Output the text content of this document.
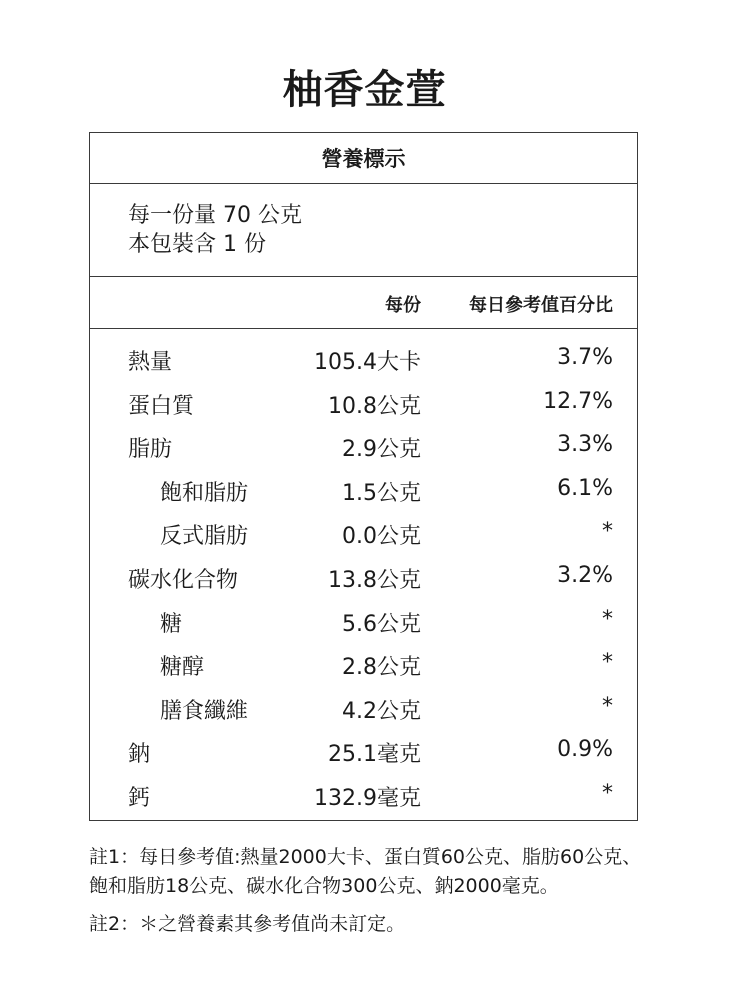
柚香金萱
營養標示
每一份量 70 公克
本包裝含 1 份
每份	每日參考值百分比
熱量	105.4大卡	3.7%
蛋白質	10.8公克	12.7%
脂肪	2.9公克	3.3%
飽和脂肪	1.5公克	6.1%
反式脂肪	0.0公克	*
碳水化合物	13.8公克	3.2%
糖	5.6公克	*
糖醇	2.8公克	*
膳食纖維	4.2公克	*
鈉	25.1毫克	0.9%
鈣	132.9毫克	*

註1：每日參考值:熱量2000大卡、蛋白質60公克、脂肪60公克、飽和脂肪18公克、碳水化合物300公克、鈉2000毫克。

註2：＊之營養素其參考值尚未訂定。
